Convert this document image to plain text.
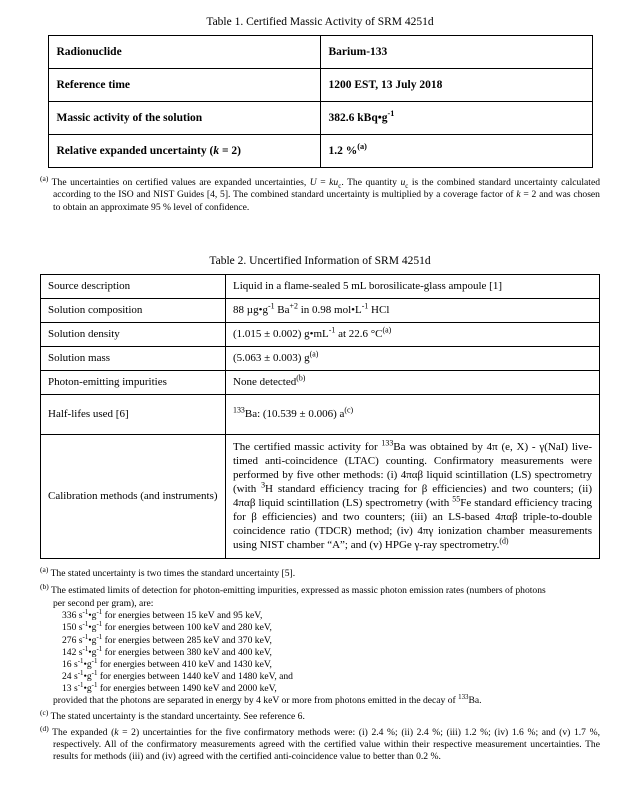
Table 1. Certified Massic Activity of SRM 4251d
Radionuclide	Barium-133
Reference time	1200 EST, 13 July 2018
Massic activity of the solution	382.6 $kBq•g^{-1}$
Relative expanded uncertainty (k = 2)	1.2 %$^{(a)}$

$^{(a)}$ The uncertainties on certified values are expanded uncertainties, $U = ku_c$. The quantity $u_c$ is the combined standard uncertainty calculated according to the ISO and NIST Guides [4, 5]. The combined standard uncertainty is multiplied by a coverage factor of k = 2 and was chosen to obtain an approximate 95 % level of confidence.

Table 2. Uncertified Information of SRM 4251d
Source description	Liquid in a flame-sealed 5 mL borosilicate-glass ampoule [1]
Solution composition	88 $\mu g•g^{-1}$ $Ba^{+2}$ in 0.98 $mol•L^{-1}$ HCl
Solution density	(1.015 ± 0.002) $g•mL^{-1}$ at 22.6 $^\circ C^{(a)}$
Solution mass	(5.063 ± 0.003) $g^{(a)}$
Photon-emitting impurities	None detected$^{(b)}$
Half-lifes used [6]	$^{133}$Ba: (10.539 ± 0.006) $a^{(c)}$
Calibration methods (and instruments)	The certified massic activity for $^{133}$Ba was obtained by 4π (e, X) - γ(NaI) live-timed anti-coincidence (LTAC) counting. Confirmatory measurements were performed by five other methods: (i) 4παβ liquid scintillation (LS) spectrometry (with $^3$H standard efficiency tracing for β efficiencies) and two counters; (ii) 4παβ liquid scintillation (LS) spectrometry (with $^{55}$Fe standard efficiency tracing for β efficiencies) and two counters; (iii) an LS-based 4παβ triple-to-double coincidence ratio (TDCR) method; (iv) 4πγ ionization chamber measurements using NIST chamber “A”; and (v) HPGe γ-ray spectrometry.$^{(d)}$

$^{(a)}$ The stated uncertainty is two times the standard uncertainty [5].

$^{(b)}$ The estimated limits of detection for photon-emitting impurities, expressed as massic photon emission rates (numbers of photons

per second per gram), are:

336 $s^{-1}•g^{-1}$ for energies between 15 keV and 95 keV,

150 $s^{-1}•g^{-1}$ for energies between 100 keV and 280 keV,

276 $s^{-1}•g^{-1}$ for energies between 285 keV and 370 keV,

142 $s^{-1}•g^{-1}$ for energies between 380 keV and 400 keV,

16 $s^{-1}•g^{-1}$ for energies between 410 keV and 1430 keV,

24 $s^{-1}•g^{-1}$ for energies between 1440 keV and 1480 keV, and

13 $s^{-1}•g^{-1}$ for energies between 1490 keV and 2000 keV,

provided that the photons are separated in energy by 4 keV or more from photons emitted in the decay of $^{133}$Ba.

$^{(c)}$ The stated uncertainty is the standard uncertainty. See reference 6.

$^{(d)}$ The expanded (k = 2) uncertainties for the five confirmatory methods were: (i) 2.4 %; (ii) 2.4 %; (iii) 1.2 %; (iv) 1.6 %; and (v) 1.7 %, respectively. All of the confirmatory measurements agreed with the certified value within their respective measurement uncertainties. The results for methods (iii) and (iv) agreed with the certified anti-coincidence value to better than 0.2 %.
